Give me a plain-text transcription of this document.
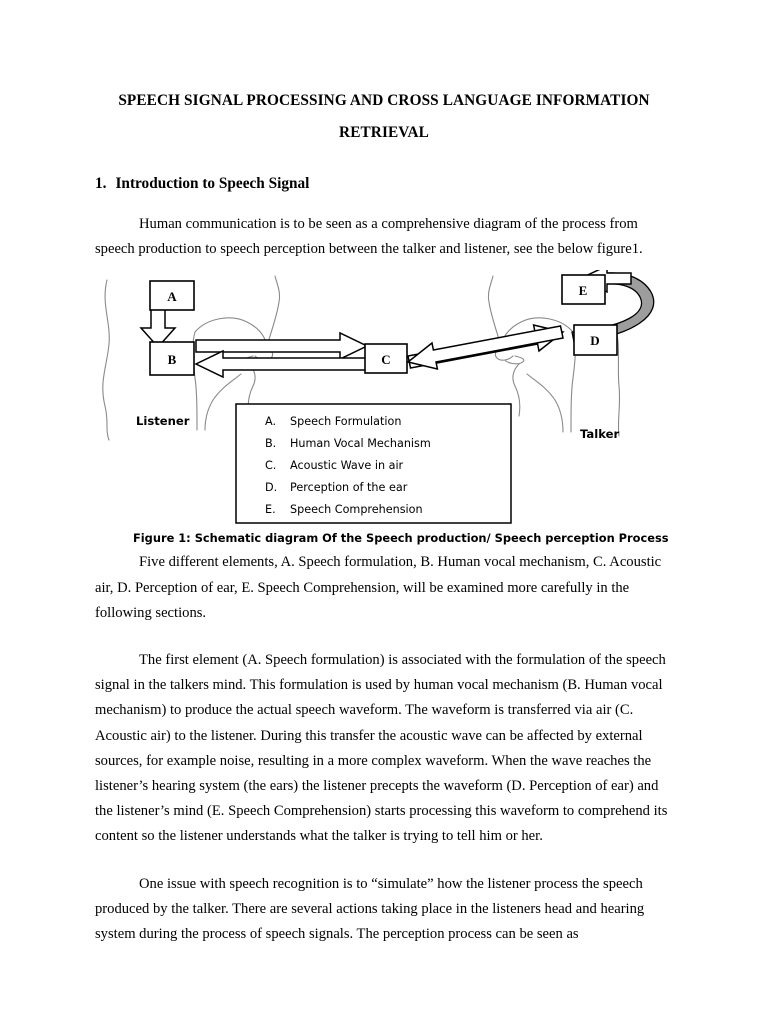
SPEECH SIGNAL PROCESSING AND CROSS LANGUAGE INFORMATION
RETRIEVAL
1. Introduction to Speech Signal

Human communication is to be seen as a comprehensive diagram of the process from speech production to speech perception between the talker and listener, see the below figure1.

A
B	C
D
E
Listener
Talker
A. Speech Formulation
B. Human Vocal Mechanism
C. Acoustic Wave in air
D. Perception of the ear
E. Speech Comprehension

Figure 1: Schematic diagram Of the Speech production/ Speech perception Process

Five different elements, A. Speech formulation, B. Human vocal mechanism, C. Acoustic air, D. Perception of ear, E. Speech Comprehension, will be examined more carefully in the following sections.

The first element (A. Speech formulation) is associated with the formulation of the speech signal in the talkers mind. This formulation is used by human vocal mechanism (B. Human vocal mechanism) to produce the actual speech waveform. The waveform is transferred via air (C. Acoustic air) to the listener. During this transfer the acoustic wave can be affected by external sources, for example noise, resulting in a more complex waveform. When the wave reaches the listener’s hearing system (the ears) the listener precepts the waveform (D. Perception of ear) and the listener’s mind (E. Speech Comprehension) starts processing this waveform to comprehend its content so the listener understands what the talker is trying to tell him or her.

One issue with speech recognition is to “simulate” how the listener process the speech produced by the talker. There are several actions taking place in the listeners head and hearing system during the process of speech signals. The perception process can be seen as
